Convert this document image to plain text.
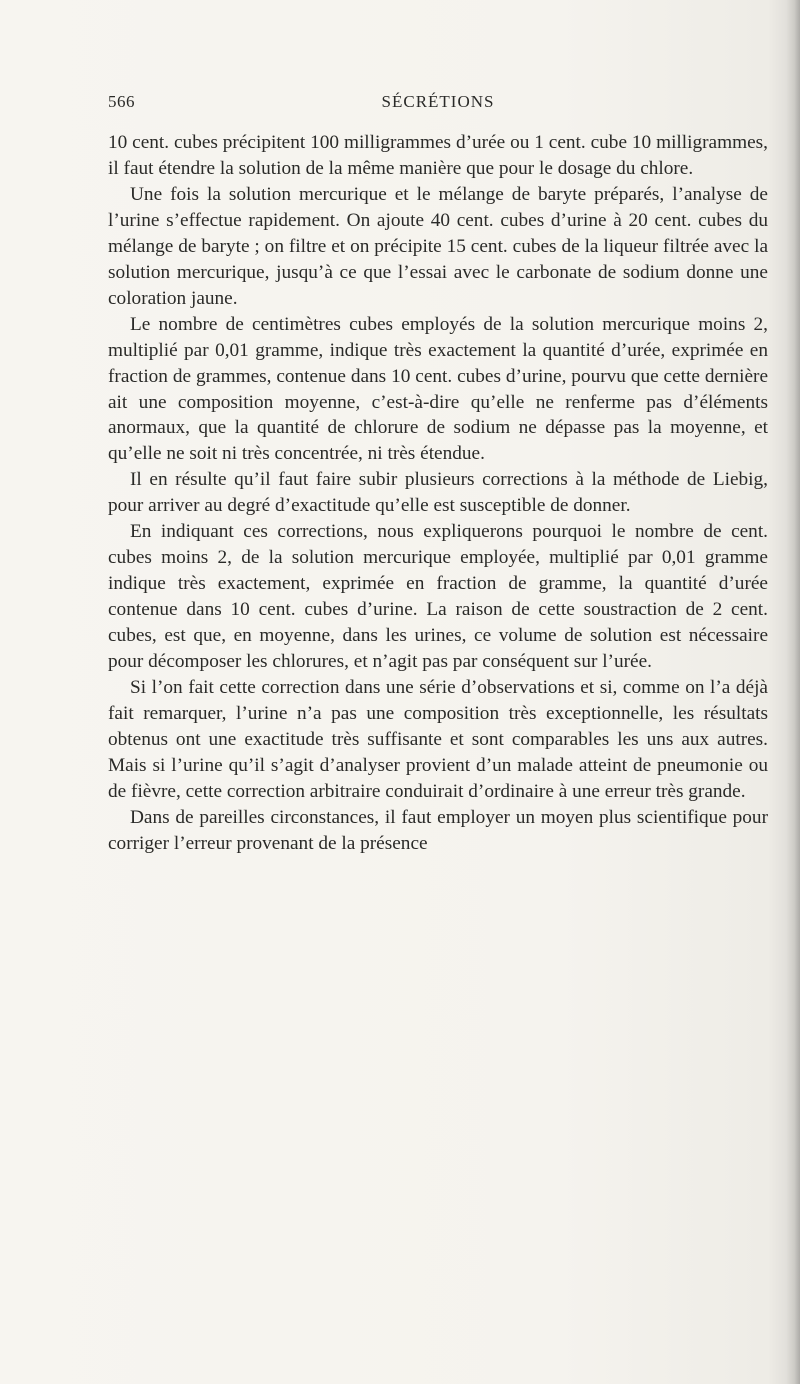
566	SÉCRÉTIONS

10 cent. cubes précipitent 100 milligrammes d’urée ou 1 cent. cube 10 milligrammes, il faut étendre la solution de la même manière que pour le dosage du chlore.

Une fois la solution mercurique et le mélange de baryte préparés, l’analyse de l’urine s’effectue rapidement. On ajoute 40 cent. cubes d’urine à 20 cent. cubes du mélange de baryte ; on filtre et on précipite 15 cent. cubes de la liqueur filtrée avec la solution mercurique, jusqu’à ce que l’essai avec le carbonate de sodium donne une coloration jaune.

Le nombre de centimètres cubes employés de la solution mercurique moins 2, multiplié par 0,01 gramme, indique très exactement la quantité d’urée, exprimée en fraction de grammes, contenue dans 10 cent. cubes d’urine, pourvu que cette dernière ait une composition moyenne, c’est-à-dire qu’elle ne renferme pas d’éléments anormaux, que la quantité de chlorure de sodium ne dépasse pas la moyenne, et qu’elle ne soit ni très concentrée, ni très étendue.

Il en résulte qu’il faut faire subir plusieurs corrections à la méthode de Liebig, pour arriver au degré d’exactitude qu’elle est susceptible de donner.

En indiquant ces corrections, nous expliquerons pourquoi le nombre de cent. cubes moins 2, de la solution mercurique employée, multiplié par 0,01 gramme indique très exactement, exprimée en fraction de gramme, la quantité d’urée contenue dans 10 cent. cubes d’urine. La raison de cette soustraction de 2 cent. cubes, est que, en moyenne, dans les urines, ce volume de solution est nécessaire pour décomposer les chlorures, et n’agit pas par conséquent sur l’urée.

Si l’on fait cette correction dans une série d’observations et si, comme on l’a déjà fait remarquer, l’urine n’a pas une composition très exceptionnelle, les résultats obtenus ont une exactitude très suffisante et sont comparables les uns aux autres. Mais si l’urine qu’il s’agit d’analyser provient d’un malade atteint de pneumonie ou de fièvre, cette correction arbitraire conduirait d’ordinaire à une erreur très grande.

Dans de pareilles circonstances, il faut employer un moyen plus scientifique pour corriger l’erreur provenant de la présence
